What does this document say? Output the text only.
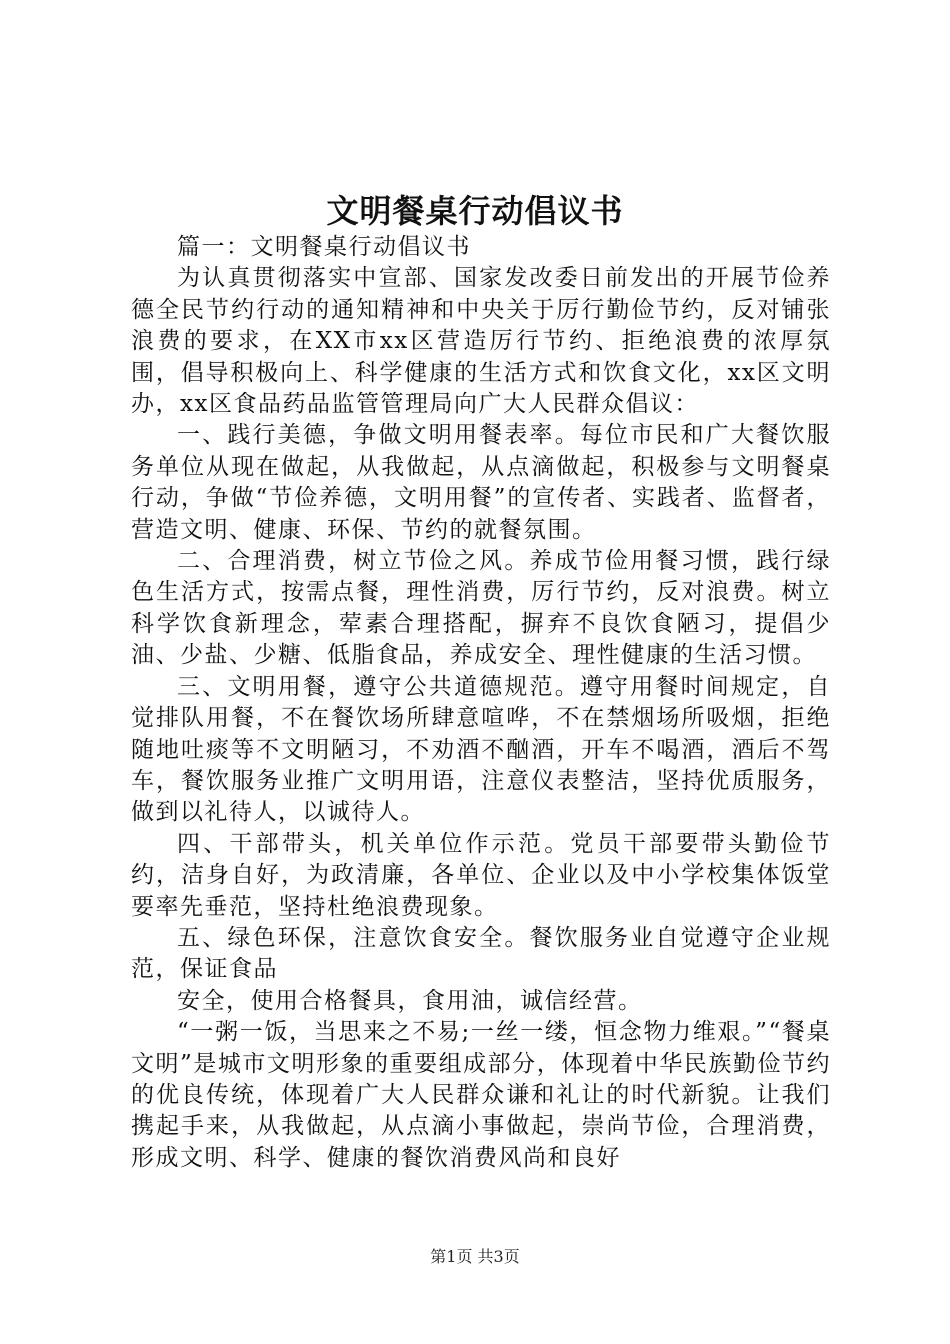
文明餐桌行动倡议书

篇一：文明餐桌行动倡议书

为认真贯彻落实中宣部、国家发改委日前发出的开展节俭养德全民节约行动的通知精神和中央关于厉行勤俭节约，反对铺张浪费的要求，在XX市xx区营造厉行节约、拒绝浪费的浓厚氛围，倡导积极向上、科学健康的生活方式和饮食文化，xx区文明办，xx区食品药品监管管理局向广大人民群众倡议：

一、践行美德，争做文明用餐表率。每位市民和广大餐饮服务单位从现在做起，从我做起，从点滴做起，积极参与文明餐桌行动，争做“节俭养德，文明用餐”的宣传者、实践者、监督者，营造文明、健康、环保、节约的就餐氛围。

二、合理消费，树立节俭之风。养成节俭用餐习惯，践行绿色生活方式，按需点餐，理性消费，厉行节约，反对浪费。树立科学饮食新理念，荤素合理搭配，摒弃不良饮食陋习，提倡少油、少盐、少糖、低脂食品，养成安全、理性健康的生活习惯。

三、文明用餐，遵守公共道德规范。遵守用餐时间规定，自觉排队用餐，不在餐饮场所肆意喧哗，不在禁烟场所吸烟，拒绝随地吐痰等不文明陋习，不劝酒不酗酒，开车不喝酒，酒后不驾车，餐饮服务业推广文明用语，注意仪表整洁，坚持优质服务，做到以礼待人，以诚待人。

四、干部带头，机关单位作示范。党员干部要带头勤俭节约，洁身自好，为政清廉，各单位、企业以及中小学校集体饭堂要率先垂范，坚持杜绝浪费现象。

五、绿色环保，注意饮食安全。餐饮服务业自觉遵守企业规范，保证食品

安全，使用合格餐具，食用油，诚信经营。

“一粥一饭，当思来之不易;一丝一缕，恒念物力维艰。”“餐桌文明”是城市文明形象的重要组成部分，体现着中华民族勤俭节约的优良传统，体现着广大人民群众谦和礼让的时代新貌。让我们携起手来，从我做起，从点滴小事做起，崇尚节俭，合理消费，形成文明、科学、健康的餐饮消费风尚和良好

第1页 共3页
